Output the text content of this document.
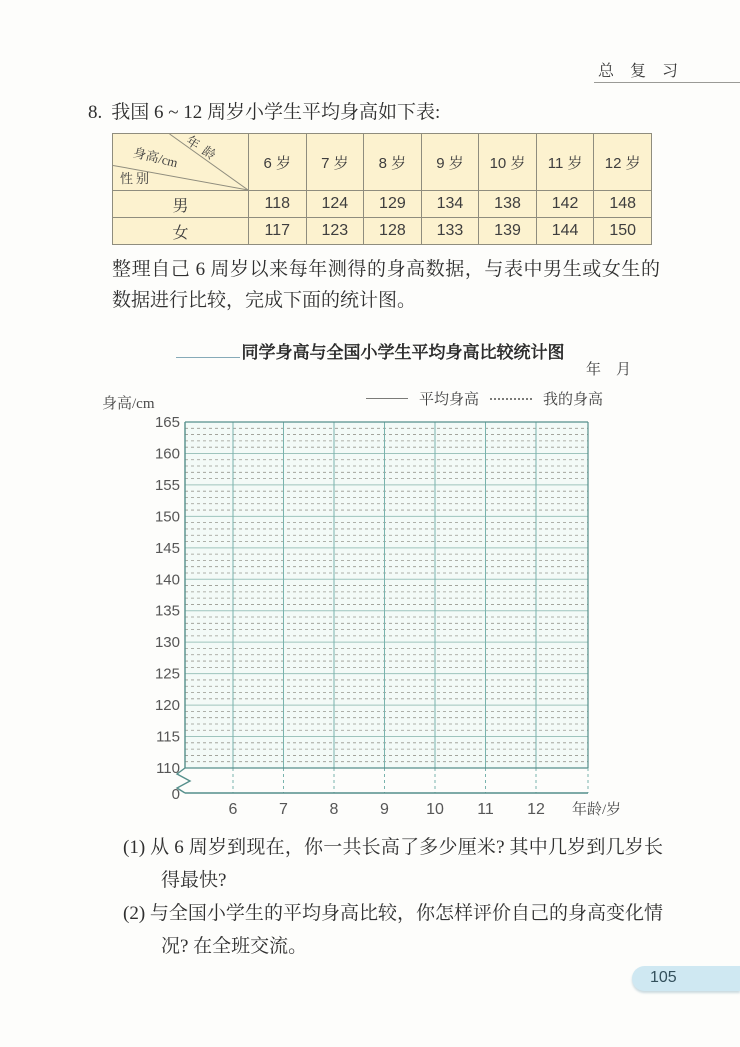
总 复 习
8. 我国 6 ~ 12 周岁小学生平均身高如下表:
年龄
身高/cm
性别	6 岁	7 岁	8 岁	9 岁	10 岁	11 岁	12 岁
男	118	124	129	134	138	142	148
女	117	123	128	133	139	144	150
整理自己 6 周岁以来每年测得的身高数据，与表中男生或女生的数据进行比较，完成下面的统计图。
同学身高与全国小学生平均身高比较统计图
年　月
身高/cm	平均身高	我的身高
110
115
120
125
130
135
140
145
150
155
160
165
0
6	7	8	9 10 11 12 年龄/岁
(1) 从 6 周岁到现在，你一共长高了多少厘米? 其中几岁到几岁长得最快?
(2) 与全国小学生的平均身高比较，你怎样评价自己的身高变化情况? 在全班交流。
105
